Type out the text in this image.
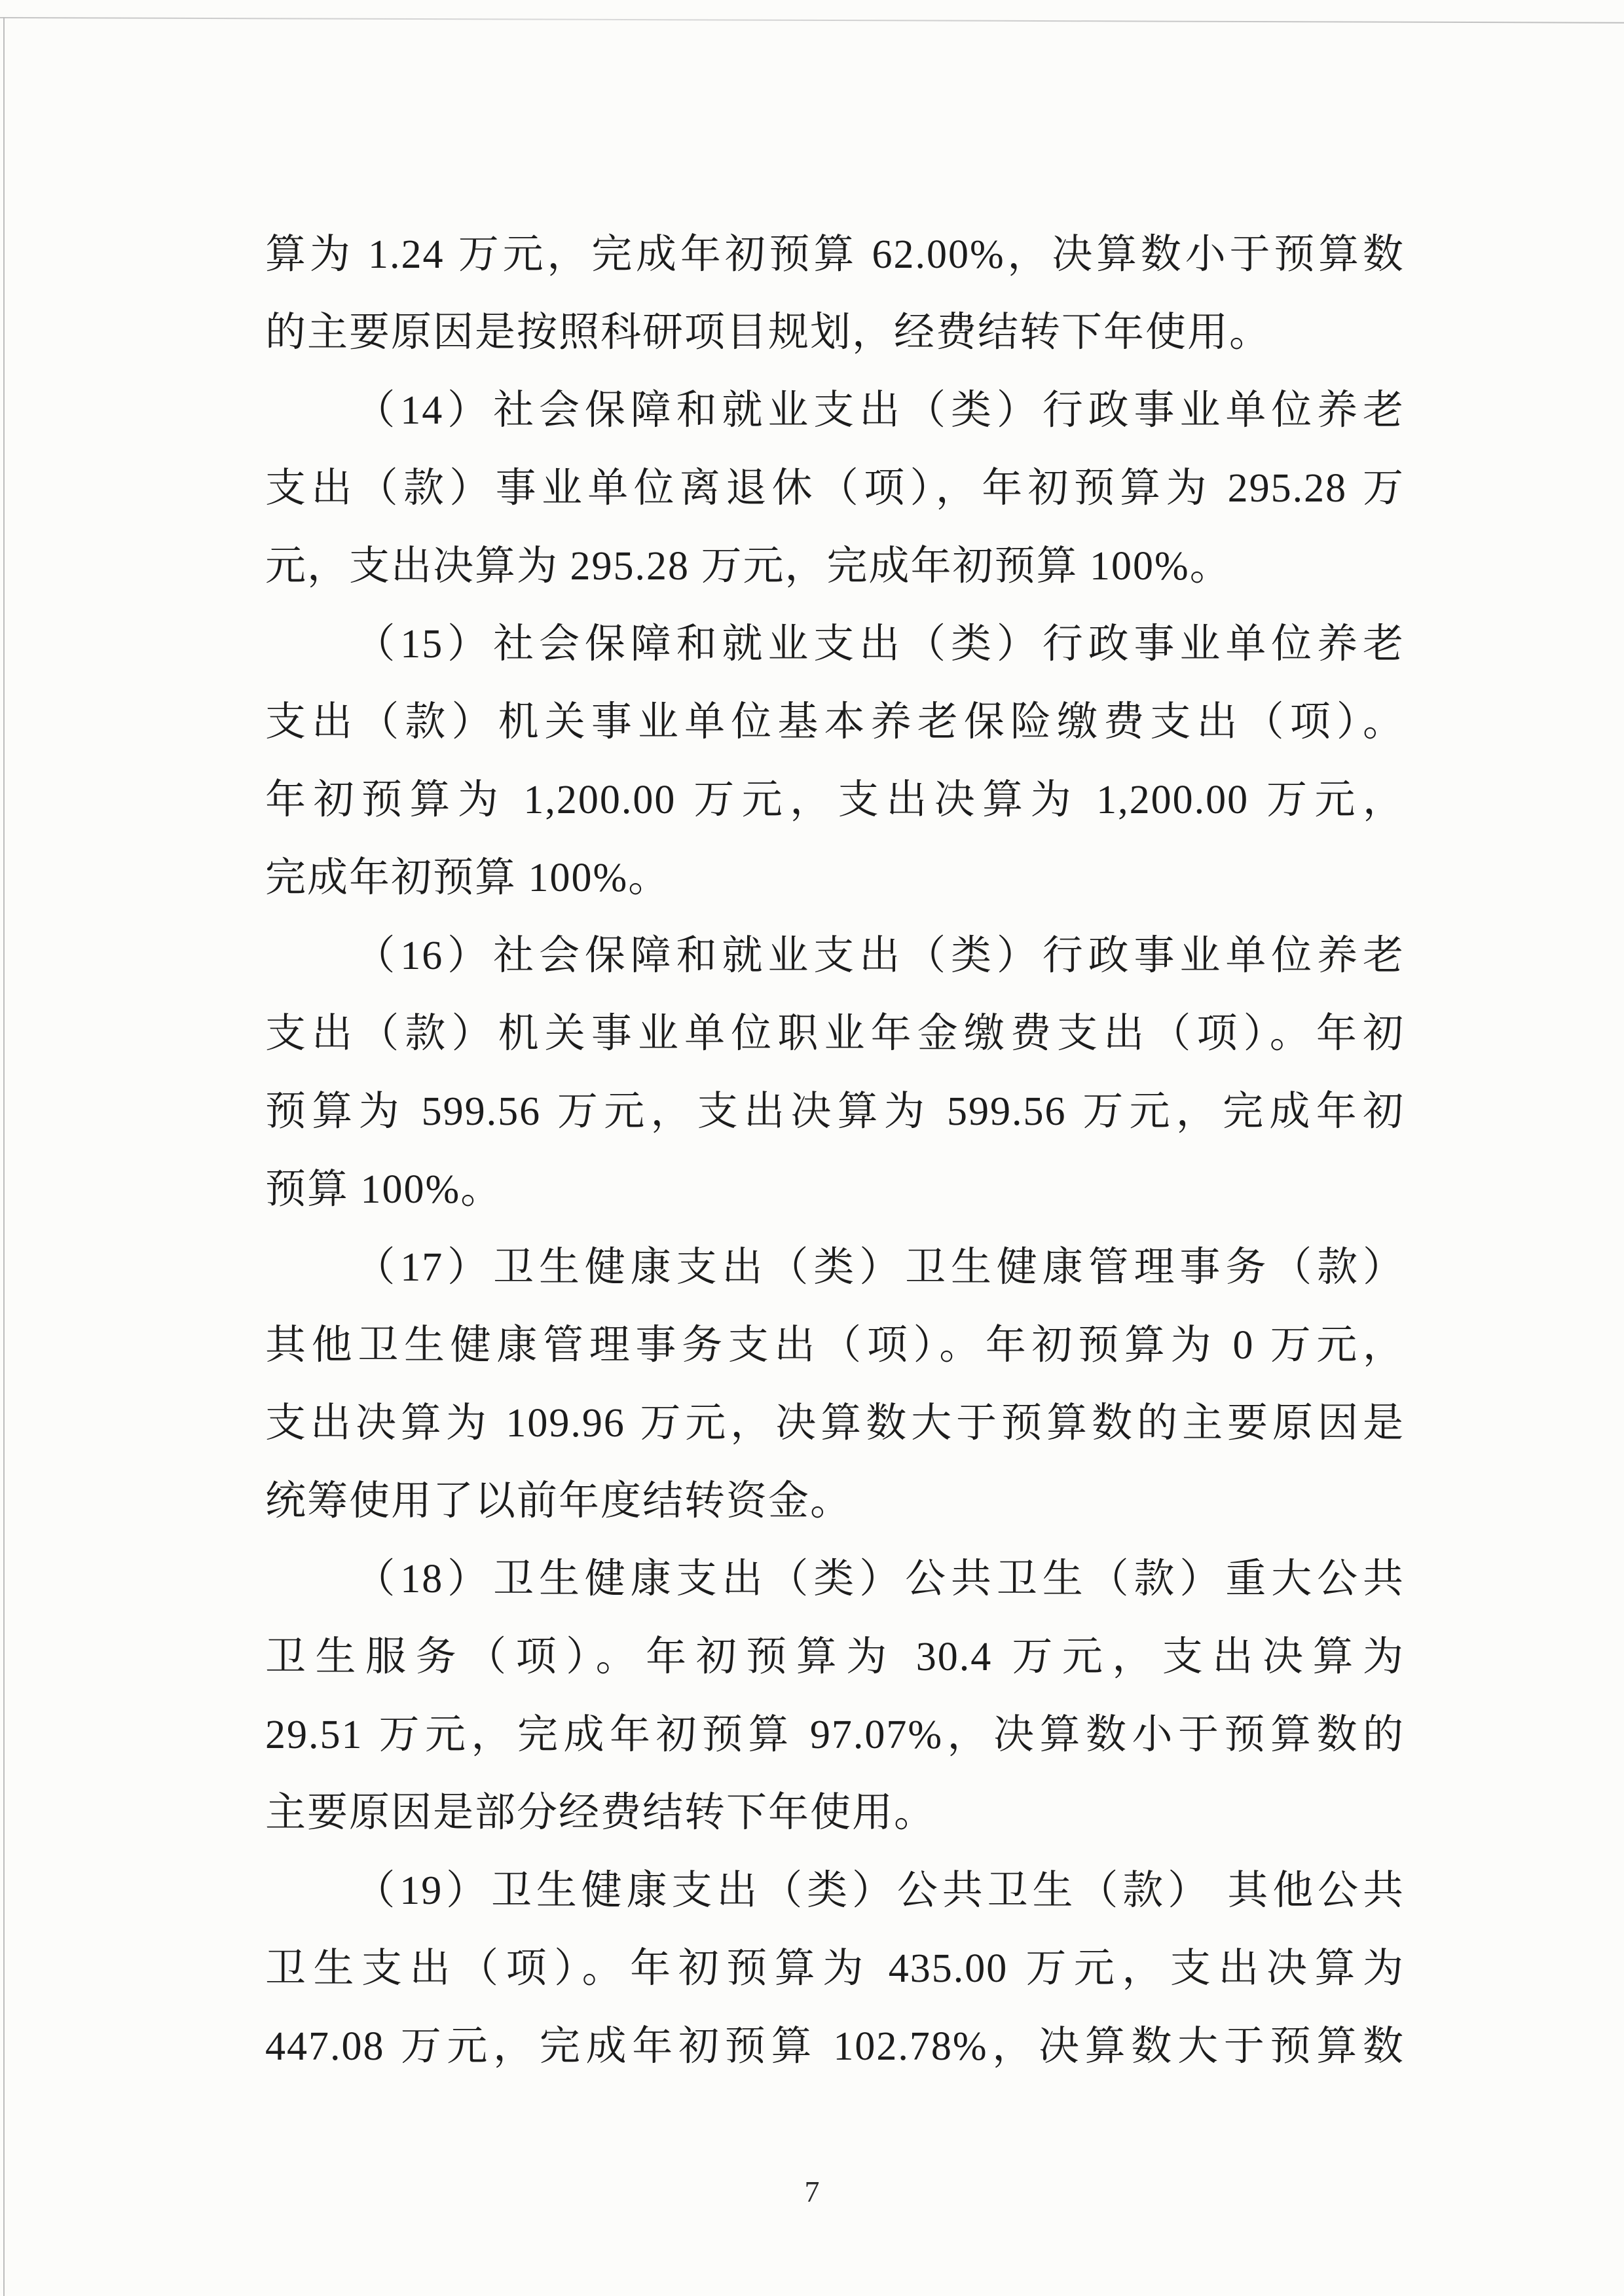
算为 1.24 万元，完成年初预算 62.00%，决算数小于预算数
的主要原因是按照科研项目规划，经费结转下年使用。
（14）社会保障和就业支出（类）行政事业单位养老
支出（款）事业单位离退休（项），年初预算为 295.28 万
元，支出决算为 295.28 万元，完成年初预算 100%。
（15）社会保障和就业支出（类）行政事业单位养老
支出（款）机关事业单位基本养老保险缴费支出（项）。
年初预算为 1,200.00 万元，支出决算为 1,200.00 万元，
完成年初预算 100%。
（16）社会保障和就业支出（类）行政事业单位养老
支出（款）机关事业单位职业年金缴费支出（项）。年初
预算为 599.56 万元，支出决算为 599.56 万元，完成年初
预算 100%。
（17）卫生健康支出（类）卫生健康管理事务（款）
其他卫生健康管理事务支出（项）。年初预算为 0 万元，
支出决算为 109.96 万元，决算数大于预算数的主要原因是
统筹使用了以前年度结转资金。
（18）卫生健康支出（类）公共卫生（款）重大公共
卫生服务（项）。年初预算为 30.4 万元，支出决算为
29.51 万元，完成年初预算 97.07%，决算数小于预算数的
主要原因是部分经费结转下年使用。
（19）卫生健康支出（类）公共卫生（款） 其他公共
卫生支出（项）。年初预算为 435.00 万元，支出决算为
447.08 万元，完成年初预算 102.78%，决算数大于预算数
7
